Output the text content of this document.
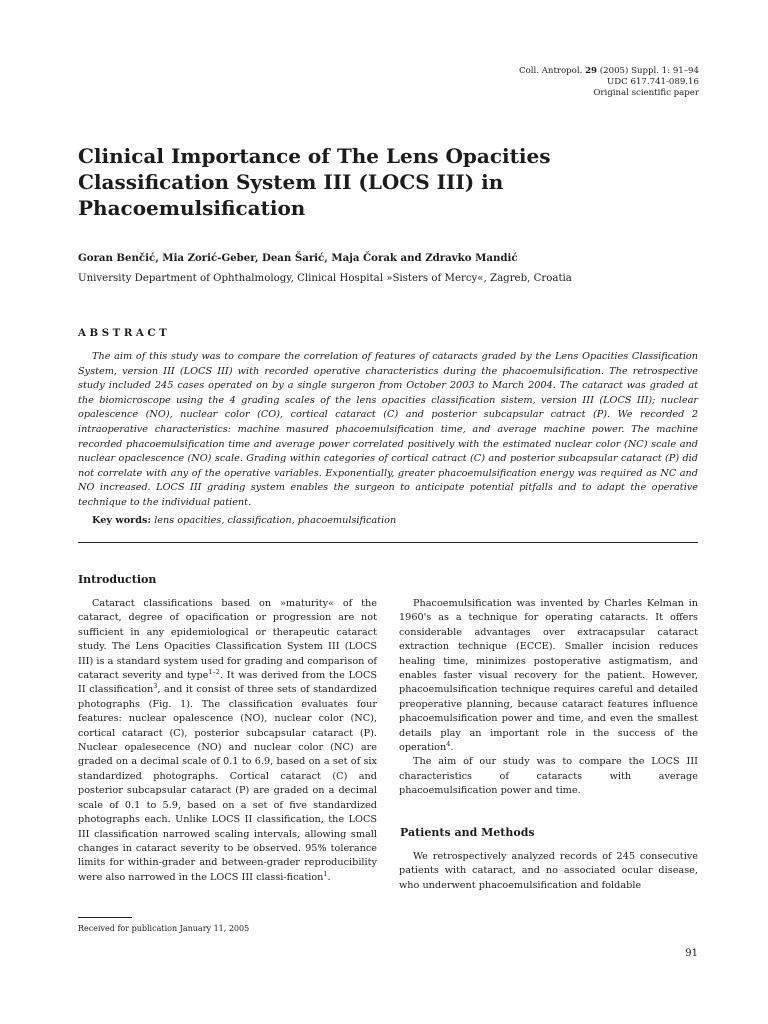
Coll. Antropol. 29 (2005) Suppl. 1: 91–94
UDC 617.741-089.16
Original scientific paper
Clinical Importance of The Lens Opacities Classification System III (LOCS III) in Phacoemulsification

Goran Benčić, Mia Zorić-Geber, Dean Šarić, Maja Čorak and Zdravko Mandić

University Department of Ophthalmology, Clinical Hospital »Sisters of Mercy«, Zagreb, Croatia

ABSTRACT

The aim of this study was to compare the correlation of features of cataracts graded by the Lens Opacities Classification System, version III (LOCS III) with recorded operative characteristics during the phacoemulsification. The retrospective study included 245 cases operated on by a single surgeron from October 2003 to March 2004. The cataract was graded at the biomicroscope using the 4 grading scales of the lens opacities classification sistem, version III (LOCS III); nuclear opalescence (NO), nuclear color (CO), cortical cataract (C) and posterior subcapsular catract (P). We recorded 2 intraoperative characteristics: machine masured phacoemulsification time, and average machine power. The machine recorded phacoemulsification time and average power correlated positively with the estimated nuclear color (NC) scale and nuclear opaclescence (NO) scale. Grading within categories of cortical catract (C) and posterior subcapsular cataract (P) did not correlate with any of the operative variables. Exponentially, greater phacoemulsification energy was required as NC and NO increased. LOCS III grading system enables the surgeon to anticipate potential pitfalls and to adapt the operative technique to the individual patient.

Key words: lens opacities, classification, phacoemulsification

Introduction

Cataract classifications based on »maturity« of the cataract, degree of opacification or progression are not sufficient in any epidemiological or therapeutic cataract study. The Lens Opacities Classification System III (LOCS III) is a standard system used for grading and comparison of cataract severity and type$^{1-2}$. It was derived from the LOCS II classification$^3$, and it consist of three sets of standardized photographs (Fig. 1). The classification evaluates four features: nuclear opalescence (NO), nuclear color (NC), cortical cataract (C), posterior subcapsular cataract (P). Nuclear opalesecence (NO) and nuclear color (NC) are graded on a decimal scale of 0.1 to 6.9, based on a set of six standardized photographs. Cortical cataract (C) and posterior subcapsular cataract (P) are graded on a decimal scale of 0.1 to 5.9, based on a set of five standardized photographs each. Unlike LOCS II classification, the LOCS III classification narrowed scaling intervals, allowing small changes in cataract severity to be observed. 95% tolerance limits for within-grader and between-grader reproducibility were also narrowed in the LOCS III classi-fication$^1$.

Phacoemulsification was invented by Charles Kelman in 1960's as a technique for operating cataracts. It offers considerable advantages over extracapsular cataract extraction technique (ECCE). Smaller incision reduces healing time, minimizes postoperative astigmatism, and enables faster visual recovery for the patient. However, phacoemulsification technique requires careful and detailed preoperative planning, because cataract features influence phacoemulsification power and time, and even the smallest details play an important role in the success of the operation$^4$.

The aim of our study was to compare the LOCS III characteristics of cataracts with average phacoemulsification power and time.

Patients and Methods

We retrospectively analyzed records of 245 consecutive patients with cataract, and no associated ocular disease, who underwent phacoemulsification and foldable

Received for publication January 11, 2005

91
